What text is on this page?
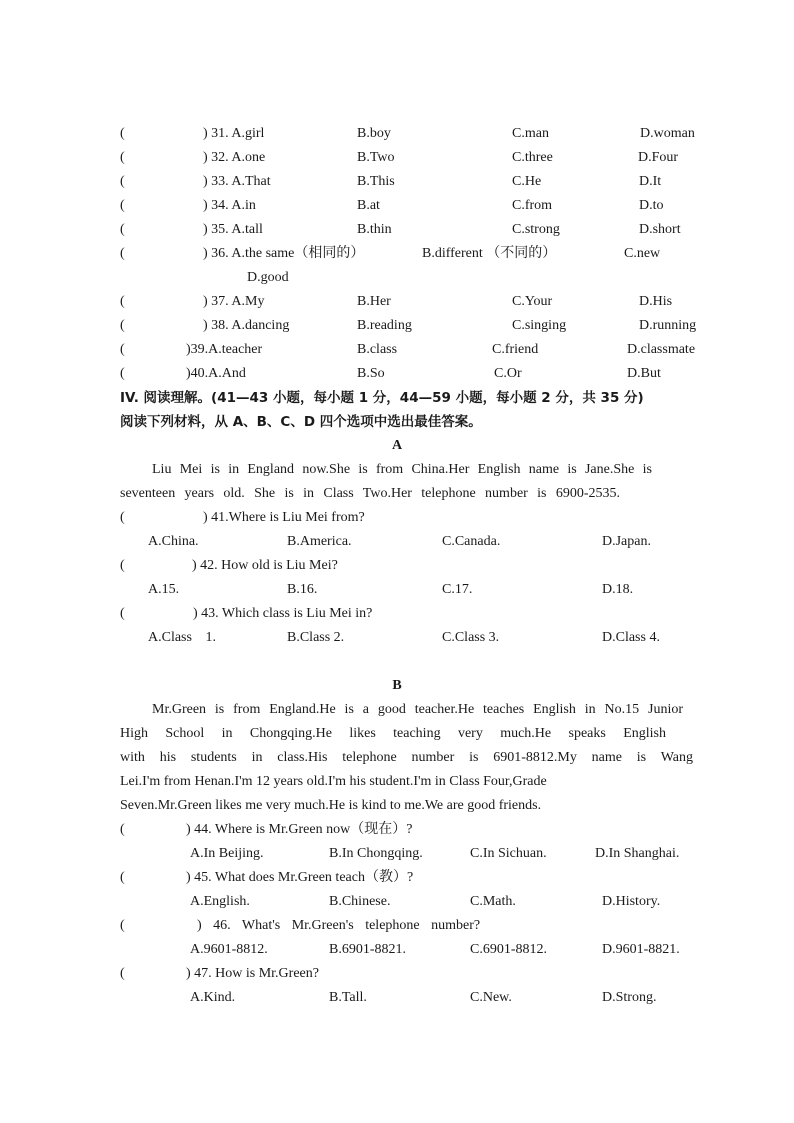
(	) 31. A.girl	B.boy	C.man	D.woman
(	) 32. A.one	B.Two	C.three	D.Four
(	) 33. A.That	B.This	C.He	D.It
(	) 34. A.in	B.at	C.from	D.to
(	) 35. A.tall	B.thin	C.strong	D.short
(	) 36. A.the same（相同的）	B.different （不同的）	C.new
D.good
(	) 37. A.My	B.Her	C.Your	D.His
(	) 38. A.dancing	B.reading	C.singing	D.running
(	)39.A.teacher	B.class	C.friend	D.classmate
(	)40.A.And	B.So	C.Or	D.But
IV. 阅读理解。(41—43 小题，每小题 1 分，44—59 小题，每小题 2 分，共 35 分)
阅读下列材料，从 A、B、C、D 四个选项中选出最佳答案。
A
Liu Mei is in England now.She is from China.Her English name is Jane.She is
seventeen years old. She is in Class Two.Her telephone number is 6900-2535.
(	) 41.Where is Liu Mei from?
A.China.	B.America.	C.Canada.	D.Japan.
(	) 42. How old is Liu Mei?
A.15.	B.16.	C.17.	D.18.
(	) 43. Which class is Liu Mei in?
A.Class 1.	B.Class 2.	C.Class 3.	D.Class 4.
B
Mr.Green is from England.He is a good teacher.He teaches English in No.15 Junior
High School in Chongqing.He likes teaching very much.He speaks English
with his students in class.His telephone number is 6901-8812.My name is Wang
Lei.I'm from Henan.I'm 12 years old.I'm his student.I'm in Class Four,Grade
Seven.Mr.Green likes me very much.He is kind to me.We are good friends.
(	) 44. Where is Mr.Green now（现在）?
A.In Beijing.	B.In Chongqing.	C.In Sichuan.	D.In Shanghai.
(	) 45. What does Mr.Green teach（教）?
A.English.	B.Chinese.	C.Math.	D.History.
(	) 46. What's Mr.Green's telephone number?
A.9601-8812.	B.6901-8821.	C.6901-8812.	D.9601-8821.
(	) 47. How is Mr.Green?
A.Kind.	B.Tall.	C.New.	D.Strong.
